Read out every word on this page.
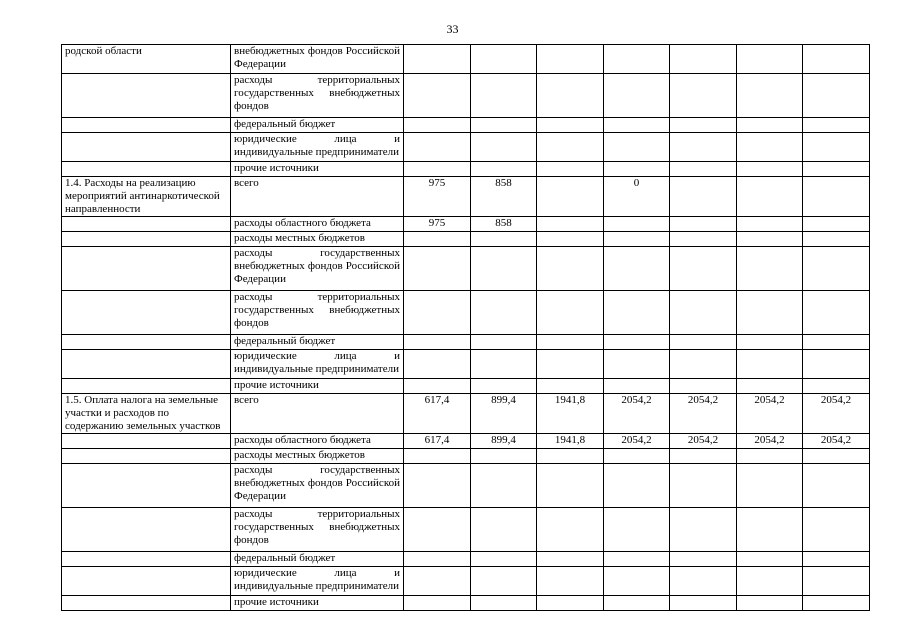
33
родской области	внебюджетных фондов Российской Федерации							
	расходы территориальных государственных внебюджетных фондов							
	федеральный бюджет							
	юридические лица и индивидуальные предприниматели							
	прочие источники							
1.4. Расходы на реализацию мероприятий антинаркотической направленности	всего	975	858		0			
	расходы областного бюджета	975	858					
	расходы местных бюджетов							
	расходы государственных внебюджетных фондов Российской Федерации							
	расходы территориальных государственных внебюджетных фондов							
	федеральный бюджет							
	юридические лица и индивидуальные предприниматели							
	прочие источники							
1.5. Оплата налога на земельные участки и расходов по содержанию земельных участков	всего	617,4	899,4	1941,8	2054,2	2054,2	2054,2	2054,2
	расходы областного бюджета	617,4	899,4	1941,8	2054,2	2054,2	2054,2	2054,2
	расходы местных бюджетов							
	расходы государственных внебюджетных фондов Российской Федерации							
	расходы территориальных государственных внебюджетных фондов							
	федеральный бюджет							
	юридические лица и индивидуальные предприниматели							
	прочие источники							
